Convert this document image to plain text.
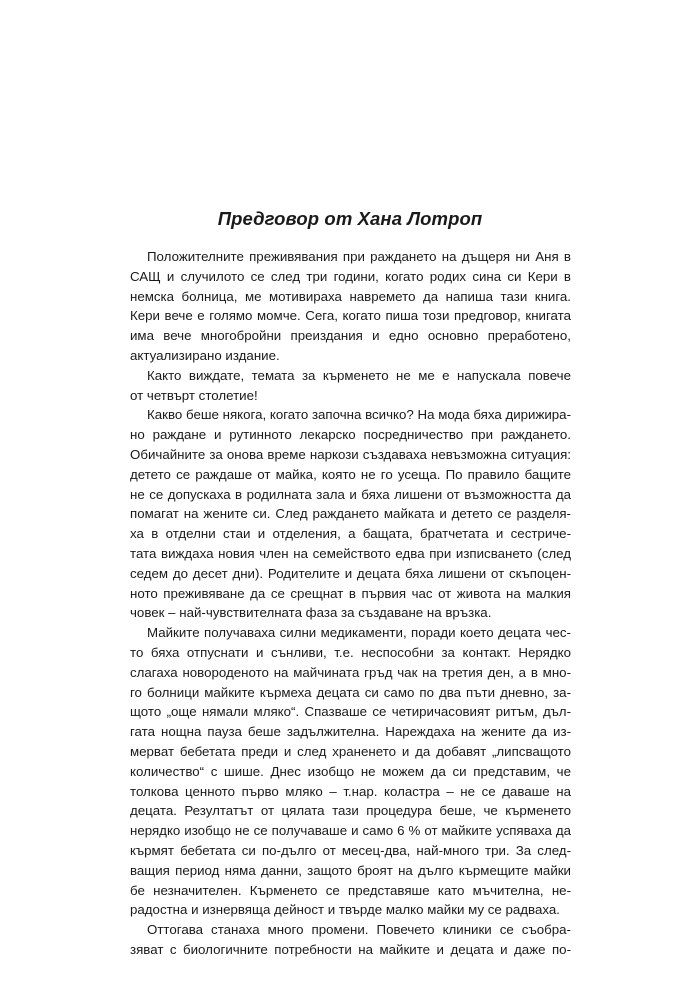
Предговор от Хана Лотроп
Положителните преживявания при раждането на дъщеря ни Аня в
САЩ и случилото се след три години, когато родих сина си Кери в
немска болница, ме мотивираха навремето да напиша тази книга.
Кери вече е голямо момче. Сега, когато пиша този предговор, книгата
има вече многобройни преиздания и едно основно преработено,
актуализирано издание.
Както виждате, темата за кърменето не ме е напускала повече
от четвърт столетие!
Какво беше някога, когато започна всичко? На мода бяха дирижира-
но раждане и рутинното лекарско посредничество при раждането.
Обичайните за онова време наркози създаваха невъзможна ситуация:
детето се раждаше от майка, която не го усеща. По правило бащите
не се допускаха в родилната зала и бяха лишени от възможността да
помагат на жените си. След раждането майката и детето се разделя-
ха в отделни стаи и отделения, а бащата, братчетата и сестриче-
тата виждаха новия член на семейството едва при изписването (след
седем до десет дни). Родителите и децата бяха лишени от скъпоцен-
ното преживяване да се срещнат в първия час от живота на малкия
човек – най-чувствителната фаза за създаване на връзка.
Майките получаваха силни медикаменти, поради което децата чес-
то бяха отпуснати и сънливи, т.е. неспособни за контакт. Нерядко
слагаха новороденото на майчината гръд чак на третия ден, а в мно-
го болници майките кърмеха децата си само по два пъти дневно, за-
щото „още нямали мляко“. Спазваше се четиричасовият ритъм, дъл-
гата нощна пауза беше задължителна. Нареждаха на жените да из-
мерват бебетата преди и след храненето и да добавят „липсващото
количество“ с шише. Днес изобщо не можем да си представим, че
толкова ценното първо мляко – т.нар. коластра – не се даваше на
децата. Резултатът от цялата тази процедура беше, че кърменето
нерядко изобщо не се получаваше и само 6 % от майките успяваха да
кърмят бебетата си по-дълго от месец-два, най-много три. За след-
ващия период няма данни, защото броят на дълго кърмещите майки
бе незначителен. Кърменето се представяше като мъчителна, не-
радостна и изнервяща дейност и твърде малко майки му се радваха.
Оттогава станаха много промени. Повечето клиники се съобра-
зяват с биологичните потребности на майките и децата и даже по-
